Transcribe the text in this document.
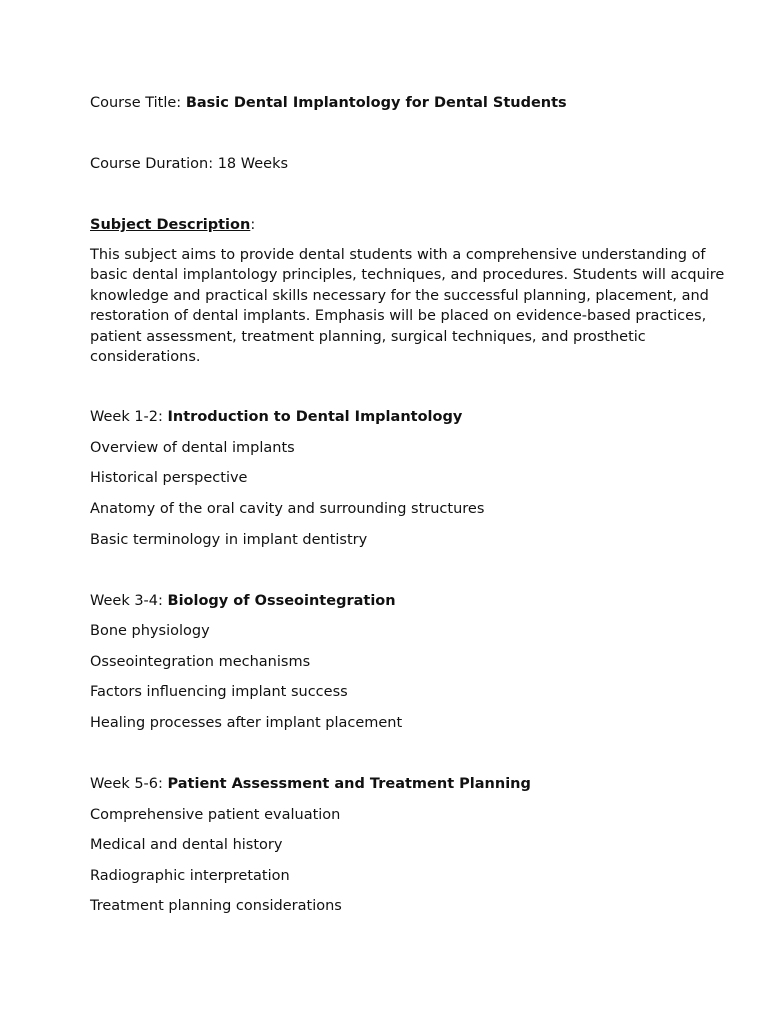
Course Title: Basic Dental Implantology for Dental Students
Course Duration: 18 Weeks
Subject Description:
This subject aims to provide dental students with a comprehensive understanding of
basic dental implantology principles, techniques, and procedures. Students will acquire
knowledge and practical skills necessary for the successful planning, placement, and
restoration of dental implants. Emphasis will be placed on evidence-based practices,
patient assessment, treatment planning, surgical techniques, and prosthetic
considerations.
Week 1-2: Introduction to Dental Implantology
Overview of dental implants
Historical perspective
Anatomy of the oral cavity and surrounding structures
Basic terminology in implant dentistry
Week 3-4: Biology of Osseointegration
Bone physiology
Osseointegration mechanisms
Factors influencing implant success
Healing processes after implant placement
Week 5-6: Patient Assessment and Treatment Planning
Comprehensive patient evaluation
Medical and dental history
Radiographic interpretation
Treatment planning considerations
